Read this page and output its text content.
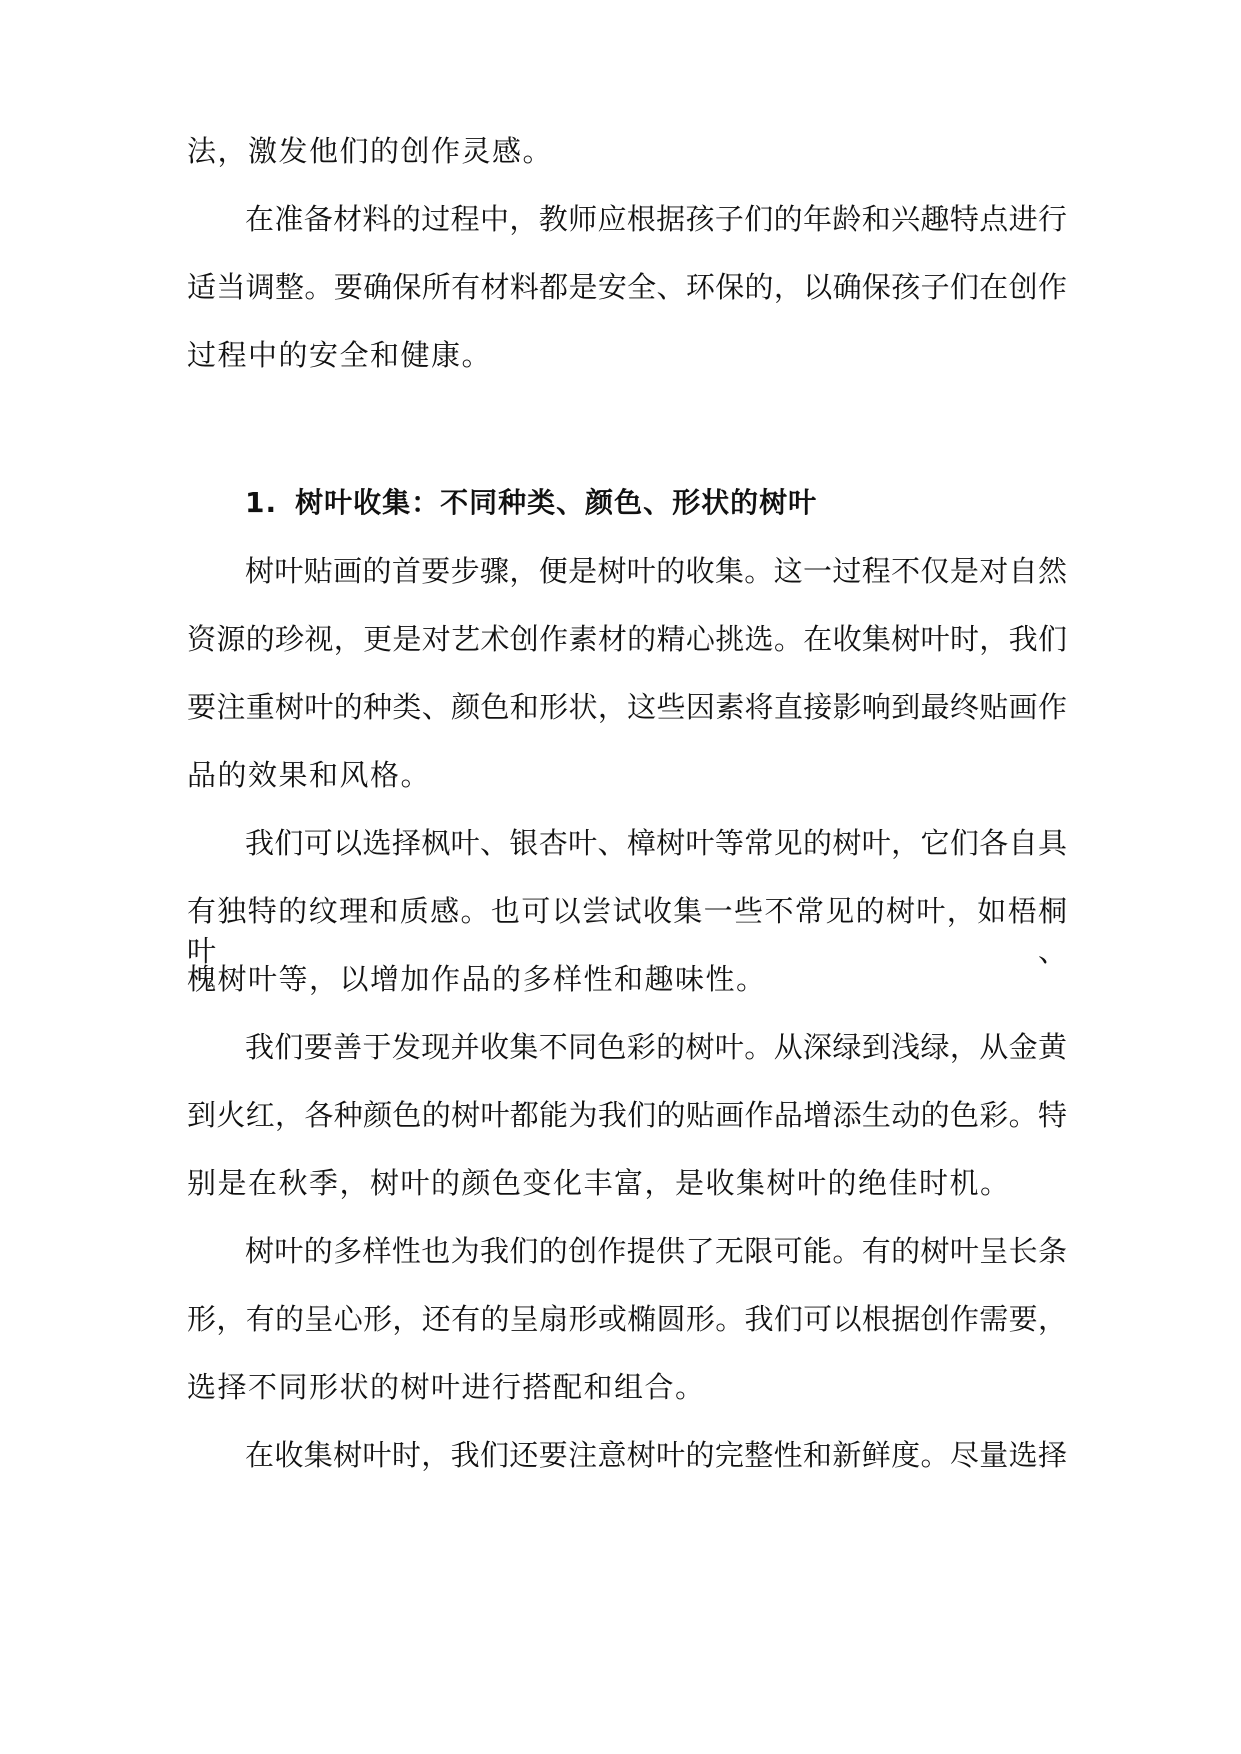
法，激发他们的创作灵感。
在准备材料的过程中，教师应根据孩子们的年龄和兴趣特点进行
适当调整。要确保所有材料都是安全、环保的，以确保孩子们在创作
过程中的安全和健康。
1. 树叶收集：不同种类、颜色、形状的树叶
树叶贴画的首要步骤，便是树叶的收集。这一过程不仅是对自然
资源的珍视，更是对艺术创作素材的精心挑选。在收集树叶时，我们
要注重树叶的种类、颜色和形状，这些因素将直接影响到最终贴画作
品的效果和风格。
我们可以选择枫叶、银杏叶、樟树叶等常见的树叶，它们各自具
有独特的纹理和质感。也可以尝试收集一些不常见的树叶，如梧桐叶、
槐树叶等，以增加作品的多样性和趣味性。
我们要善于发现并收集不同色彩的树叶。从深绿到浅绿，从金黄
到火红，各种颜色的树叶都能为我们的贴画作品增添生动的色彩。特
别是在秋季，树叶的颜色变化丰富，是收集树叶的绝佳时机。
树叶的多样性也为我们的创作提供了无限可能。有的树叶呈长条
形，有的呈心形，还有的呈扇形或椭圆形。我们可以根据创作需要，
选择不同形状的树叶进行搭配和组合。
在收集树叶时，我们还要注意树叶的完整性和新鲜度。尽量选择
